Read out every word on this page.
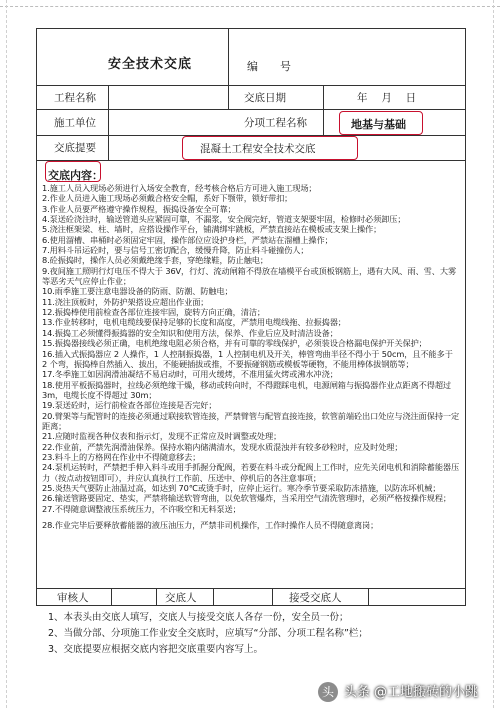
安全技术交底	编　　号
工程名称	交底日期	年　 月　 日
施工单位	分项工程名称	地基与基础
交底提要	混凝土工程安全技术交底
交底内容：

1.施工人员入现场必须进行入场安全教育，经考核合格后方可进入施工现场；

2.作业人员进入施工现场必须戴合格安全帽，系好下颚带，锁好带扣；

3.作业人员要严格遵守操作规程，振捣设备安全可靠；

4.泵送砼浇注时，输送管道头应紧固可靠，不漏浆，安全阀完好，管道支架要牢固，检修时必须卸压；

5.浇注框架梁、柱、墙时，应搭设操作平台，铺满绑牢跳板，严禁直接站在模板或支架上操作；

6.使用溜槽、串桶时必须固定牢固，操作部位应设护身栏，严禁站在溜槽上操作；

7.用料斗吊运砼时，要与信号工密切配合，缓慢升降，防止料斗碰撞伤人；

8.砼振捣时，操作人员必须戴绝缘手套，穿绝缘鞋，防止触电；

9.夜间施工照明行灯电压不得大于 36V，行灯、流动闸箱不得放在墙模平台或顶板钢筋上，遇有大风、雨、雪、大雾等恶劣天气应停止作业；

10.雨季施工要注意电器设备的防雨、防潮、防触电；

11.浇注顶板时，外防护架搭设应超出作业面；

12.振捣棒使用前检查各部位连接牢固，旋转方向正确，清洁；

13.作业转移时，电机电缆线要保持足够的长度和高度，严禁用电缆线拖、拉振捣器；

14.振捣工必须懂得振捣器的安全知识和使用方法，保养、作业后应及时清洁设备；

15.振捣器接线必须正确，电机绝缘电阻必须合格，并有可靠的零线保护，必须装设合格漏电保护开关保护；

16.插入式振捣器应 2 人操作，1 人控制振捣器，1 人控制电机及开关，棒管弯曲半径不得小于 50cm，且不能多于 2 个弯，振捣棒自然插入、拔出，不能硬插拔或推，不要振碰钢筋或模板等硬物，不能用棒体拔钢筋等；

17.冬季施工如因润滑油凝结不易启动时，可用火缓烤，不准用猛火烤或沸水冲浇；

18.使用平板振捣器时，拉线必须绝缘干燥，移动或转向时，不得蹬踩电机，电源闸箱与振捣器作业点距离不得超过 3m，电缆长度不得超过 30m；

19.泵送砼时，运行前检查各部位连接是否完好；

20.臂架等与配管时的连接必须通过联接软管连接，严禁臂管与配管直接连接，软管前端砼出口处应与浇注面保持一定距离；

21.应随时监视各种仪表和指示灯，发现不正常应及时调整或处理；

22.作业前，严禁先润滑油保养。保持水箱内储满清水，发现水质混浊并有较多砂粒时，应及时处理；

23.料斗上的方格网在作业中不得随意移去；

24.泵机运转时，严禁把手伸入料斗或用手抓握分配阀，若要在料斗或分配阀上工作时，应先关闭电机和消除蓄能器压力（按点动按钮即可），并应认真执行工作前、压送中、停机后的各注意事项；

25.炎热天气要防止油温过高，如达到 70℃或烫手时，应停止运行。寒冷季节要采取防冻措施，以防冻坏机械；

26.输送管路要固定、垫实，严禁将输送软管弯曲，以免软管爆炸，当采用空气清洗管理时，必须严格按操作规程；

27.不得随意调整液压系统压力，不许吸空和无料泵送；

28.作业完毕后要释放蓄能器的液压油压力，严禁非司机操作，工作时操作人员不得随意离岗；

审核人	交底人	接受交底人
1、本表头由交底人填写，交底人与接受交底人各存一份，安全员一份；
2、当做分部、分项施工作业安全交底时，应填写“分部、分项工程名称”栏；
3、交底提要应根据交底内容把交底重要内容写上。
头 头条 @工地搬砖的小跳
